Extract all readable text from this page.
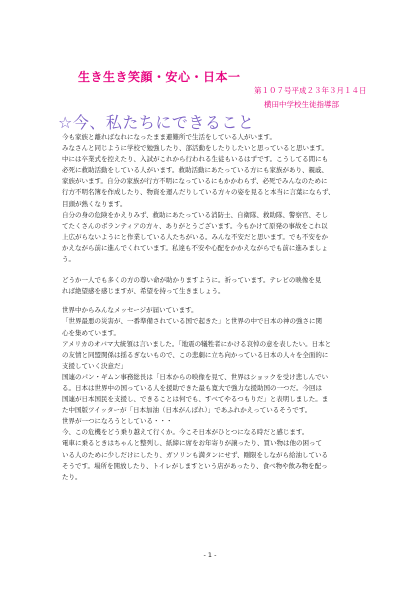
生き生き笑顔・安心・日本一
第１０７号平成２３年３月１４日
横田中学校生徒指導部
☆今、私たちにできること

今も家族と離ればなれになったまま避難所で生活をしている人がいます。

みなさんと同じように学校で勉強したり、部活動をしたりしたいと思っていると思います。

中には卒業式を控えたり、入試がこれから行われる生徒もいるはずです。こうしてる間にも

必死に救助活動をしている人がいます。救助活動にあたっている方にも家族があり、親戚、

家族がいます。自分の家族が行方不明になっているにもかかわらず、必死でみんなのために

行方不明名簿を作成したり、物資を運んだりしている方々の姿を見ると本当に言葉にならず、

目頭が熱くなります。

自分の身の危険をかえりみず、救助にあたっている消防士、自衛隊、救助隊、警察官、そし

てたくさんのボランティアの方々、ありがとうございます。今もかけて原発の事故をこれ以

上広がらないようにと作業している人たちがいる。みんな不安だと思います。でも不安をか

かえながら前に進んでくれています。私達も不安や心配をかかえながらでも前に進みましょ

う。

どうか一人でも多くの方の尊い命が助かりますように。祈っています。テレビの映像を見

れば絶望感を感じますが、希望を持って生きましょう。

世界中からみんなメッセージが届いています。

「世界最悪の災害が、一番準備されている国で起きた」と世界の中で日本の神の強さに関

心を集めています。

アメリカのオバマ大統領は言いました。「地震の犠牲者にかける哀悼の意を表したい。日本と

の友情と同盟関係は揺るぎないもので、この悲劇に立ち向かっている日本の人々を全面的に

支援していく決意だ」

国連のパン・ギムン事務総長は「日本からの映像を見て、世界はショックを受け悲しんでい

る。日本は世界中の国っている人を援助できた最も寛大で強力な援助国の一つだ。今回は

国連が日本国民を支援し、できることは何でも、すべてやるつもりだ」と表明しました。ま

た中国版ツイッターが「日本加油（日本がんばれ）」であふれかえっているそうです。

世界が一つになろうとしている・・・

今、この危機をどう乗り越えて行くか。今こそ日本がひとつになる時だと感じます。

電車に乗るときはちゃんと整列し、紙締に席をお年寄りが譲ったり、買い物は他の困って

いる人のために少しだけにしたり、ガソリンも満タンにせず、剛限をしながら給油している

そうです。場所を開放したり、トイレがしますという店があったり、食べ物や飲み物を配っ

たり。

- 1 -
